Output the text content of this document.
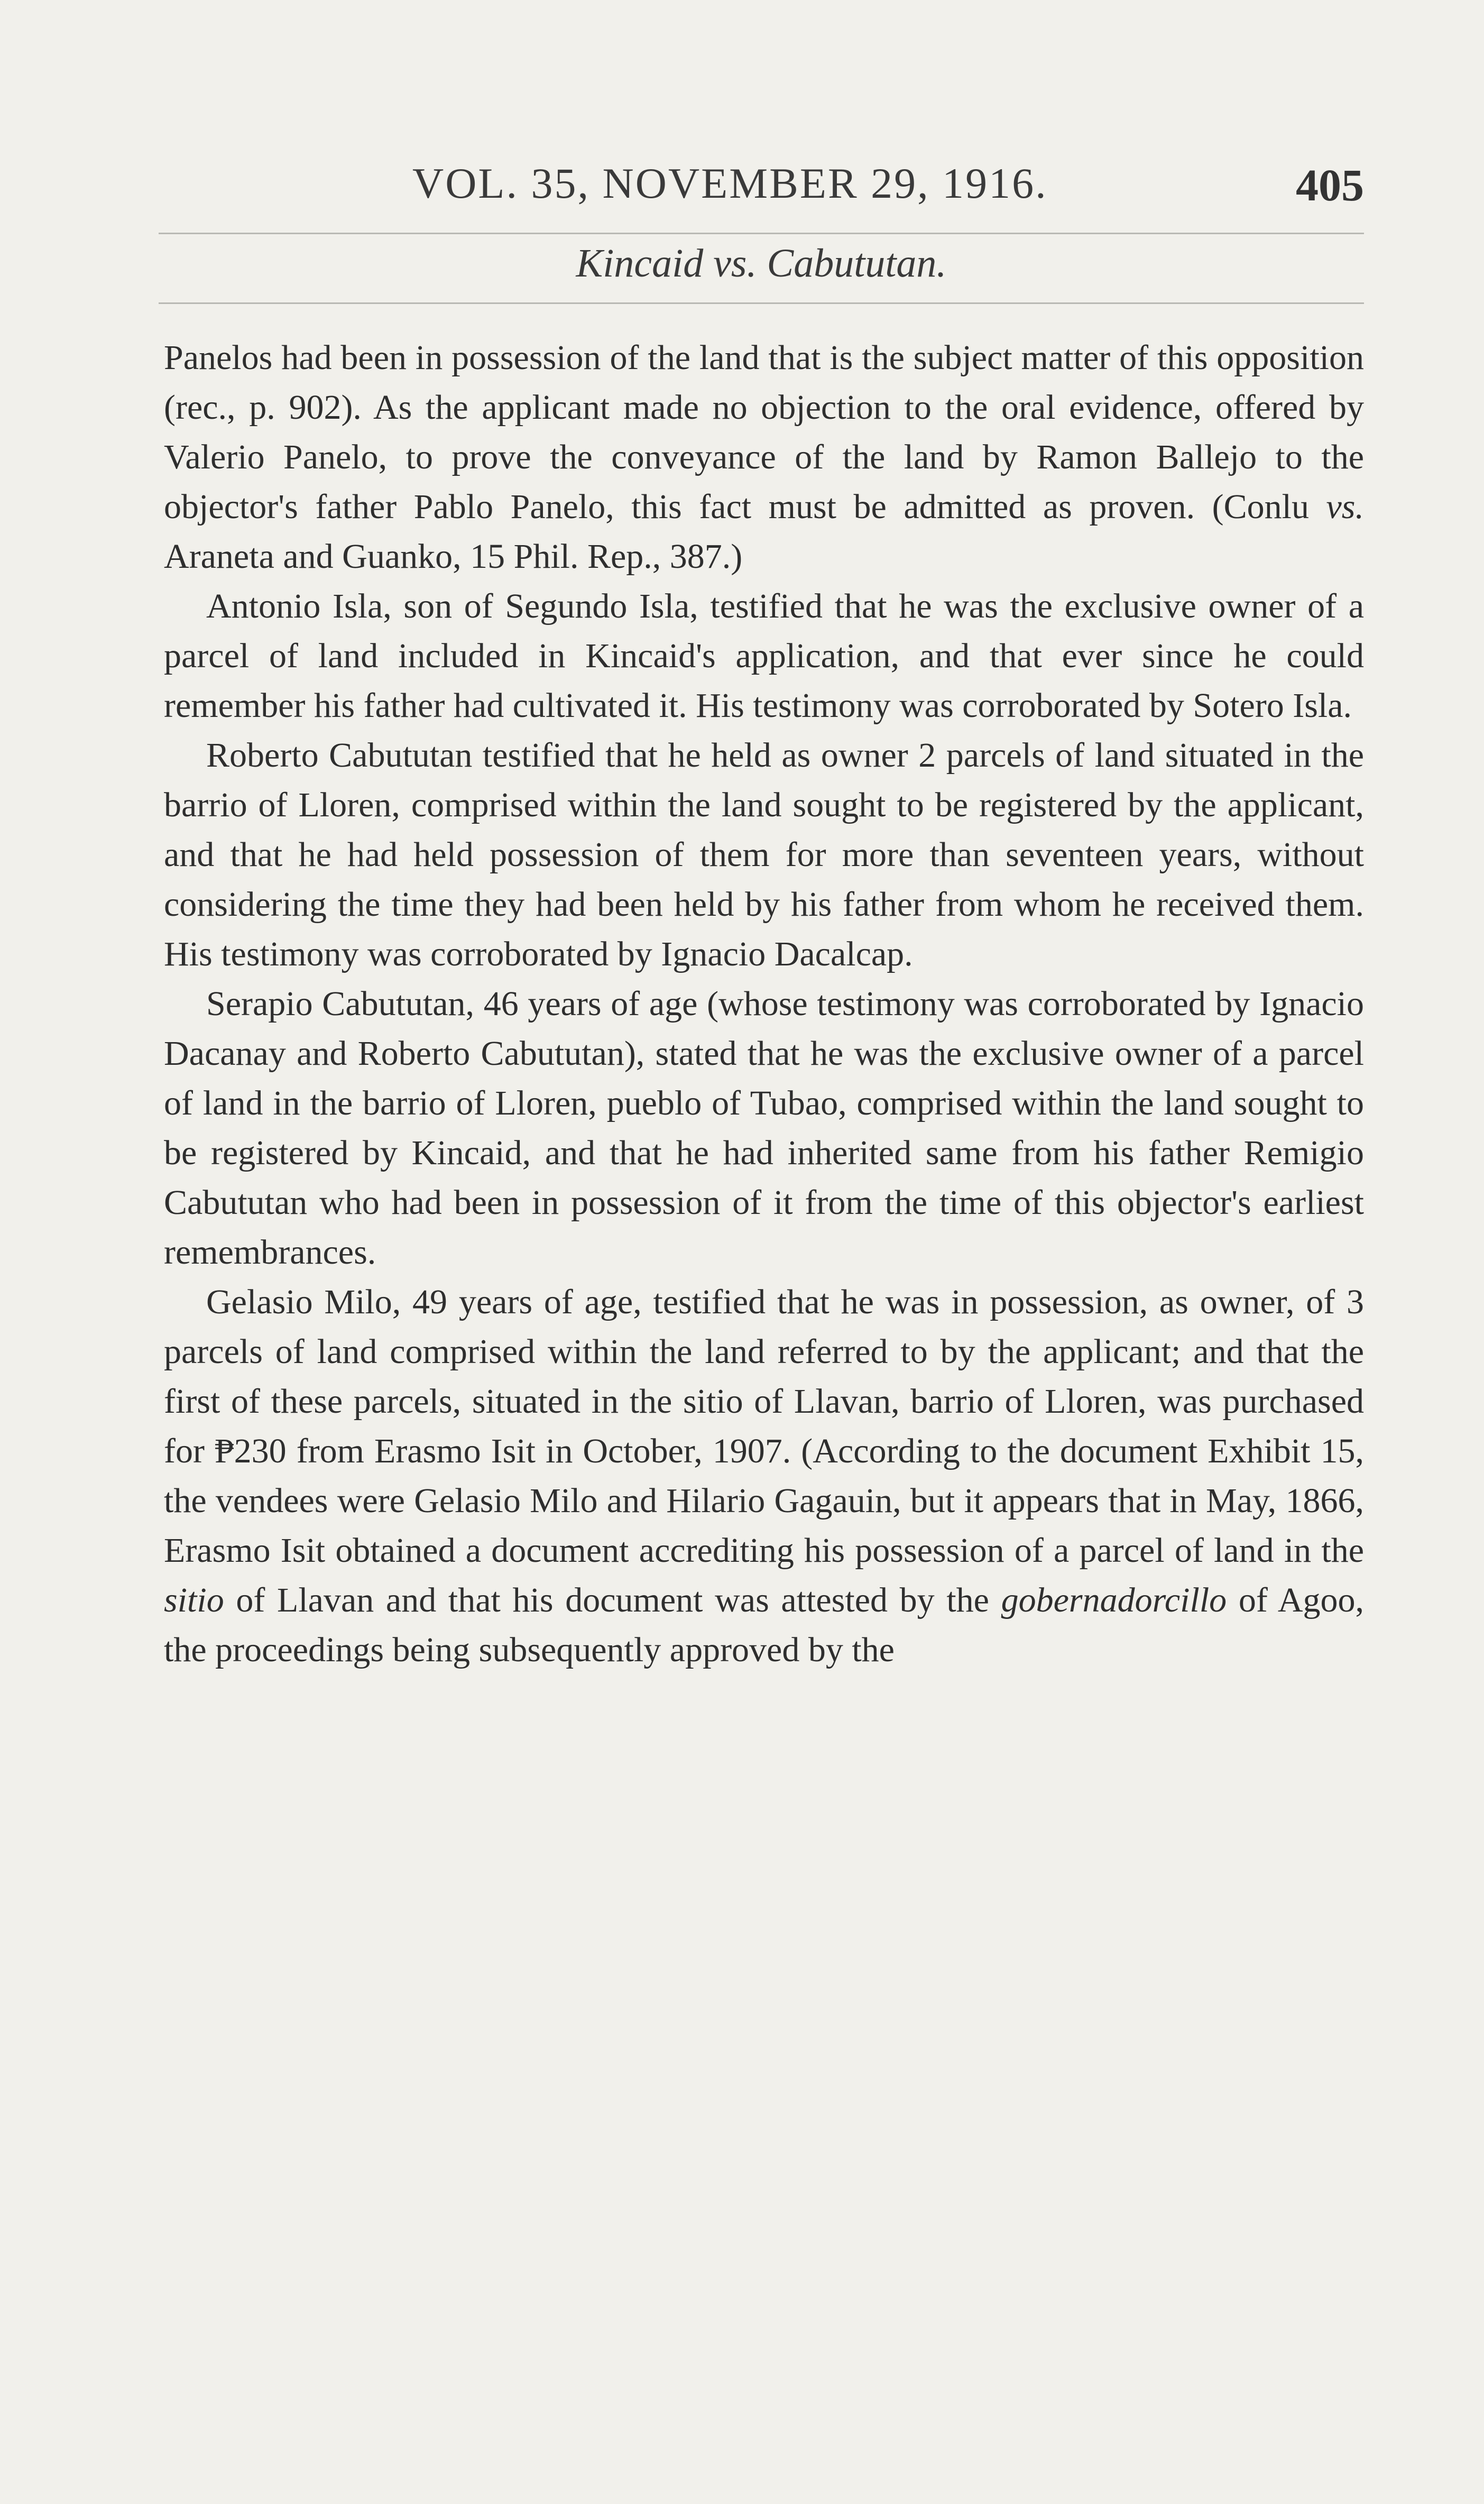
VOL. 35, NOVEMBER 29, 1916.	405
Kincaid vs. Cabututan.

Panelos had been in possession of the land that is the subject matter of this opposition (rec., p. 902). As the applicant made no objection to the oral evidence, offered by Valerio Panelo, to prove the conveyance of the land by Ramon Ballejo to the objector's father Pablo Panelo, this fact must be admitted as proven. (Conlu vs. Araneta and Guanko, 15 Phil. Rep., 387.)

Antonio Isla, son of Segundo Isla, testified that he was the exclusive owner of a parcel of land included in Kincaid's application, and that ever since he could remember his father had cultivated it. His testimony was corroborated by Sotero Isla.

Roberto Cabututan testified that he held as owner 2 parcels of land situated in the barrio of Lloren, comprised within the land sought to be registered by the applicant, and that he had held possession of them for more than seventeen years, without considering the time they had been held by his father from whom he received them. His testimony was corroborated by Ignacio Dacalcap.

Serapio Cabututan, 46 years of age (whose testimony was corroborated by Ignacio Dacanay and Roberto Cabututan), stated that he was the exclusive owner of a parcel of land in the barrio of Lloren, pueblo of Tubao, comprised within the land sought to be registered by Kincaid, and that he had inherited same from his father Remigio Cabututan who had been in possession of it from the time of this objector's earliest remembrances.

Gelasio Milo, 49 years of age, testified that he was in possession, as owner, of 3 parcels of land comprised within the land referred to by the applicant; and that the first of these parcels, situated in the sitio of Llavan, barrio of Lloren, was purchased for ₱230 from Erasmo Isit in October, 1907. (According to the document Exhibit 15, the vendees were Gelasio Milo and Hilario Gagauin, but it appears that in May, 1866, Erasmo Isit obtained a document accrediting his possession of a parcel of land in the sitio of Llavan and that his document was attested by the gobernadorcillo of Agoo, the proceedings being subsequently approved by the
